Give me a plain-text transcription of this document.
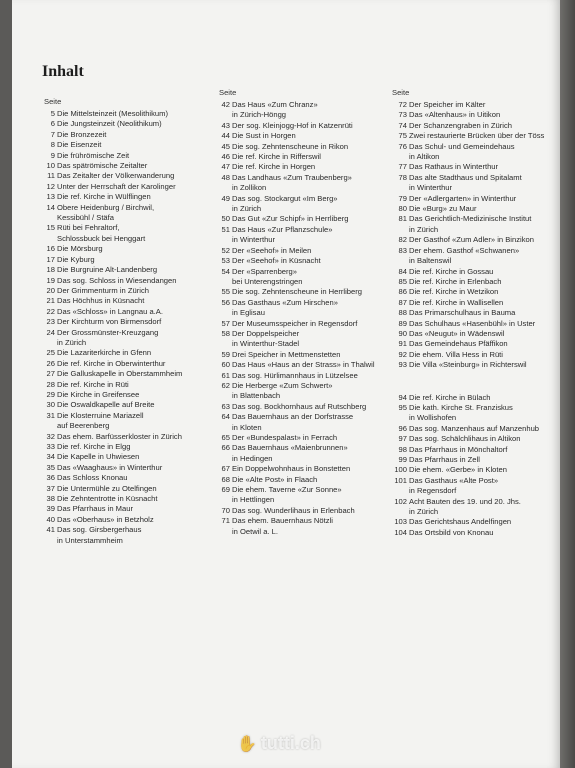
Inhalt
Seite
5 Die Mittelsteinzeit (Mesolithikum)
6 Die Jungsteinzeit (Neolithikum)
7 Die Bronzezeit
8 Die Eisenzeit
9 Die frührömische Zeit
10 Das spätrömische Zeitalter
11 Das Zeitalter der Völkerwanderung
12 Unter der Herrschaft der Karolinger
13 Die ref. Kirche in Wülflingen
14 Obere Heidenburg / Birchwil,
Kessibühl / Stäfa
15 Rüti bei Fehraltorf,
Schlossbuck bei Henggart
16 Die Mörsburg
17 Die Kyburg
18 Die Burgruine Alt-Landenberg
19 Das sog. Schloss in Wiesendangen
20 Der Grimmenturm in Zürich
21 Das Höchhus in Küsnacht
22 Das «Schloss» in Langnau a.A.
23 Der Kirchturm von Birmensdorf
24 Der Grossmünster-Kreuzgang
in Zürich
25 Die Lazariterkirche in Gfenn
26 Die ref. Kirche in Oberwinterthur
27 Die Galluskapelle in Oberstammheim
28 Die ref. Kirche in Rüti
29 Die Kirche in Greifensee
30 Die Oswaldkapelle auf Breite
31 Die Klosterruine Mariazell
auf Beerenberg
32 Das ehem. Barfüsserkloster in Zürich
33 Die ref. Kirche in Elgg
34 Die Kapelle in Uhwiesen
35 Das «Waaghaus» in Winterthur
36 Das Schloss Knonau
37 Die Untermühle zu Otelfingen
38 Die Zehntentrotte in Küsnacht
39 Das Pfarrhaus in Maur
40 Das «Oberhaus» in Betzholz
41 Das sog. Girsbergerhaus
in Unterstammheim
Seite
42 Das Haus «Zum Chranz»
in Zürich-Höngg
43 Der sog. Kleinjogg-Hof in Katzenrüti
44 Die Sust in Horgen
45 Die sog. Zehntenscheune in Rikon
46 Die ref. Kirche in Rifferswil
47 Die ref. Kirche in Horgen
48 Das Landhaus «Zum Traubenberg»
in Zollikon
49 Das sog. Stockargut «Im Berg»
in Zürich
50 Das Gut «Zur Schipf» in Herrliberg
51 Das Haus «Zur Pflanzschule»
in Winterthur
52 Der «Seehof» in Meilen
53 Der «Seehof» in Küsnacht
54 Der «Sparrenberg»
bei Unterengstringen
55 Die sog. Zehntenscheune in Herrliberg
56 Das Gasthaus «Zum Hirschen»
in Eglisau
57 Der Museumsspeicher in Regensdorf
58 Der Doppelspeicher
in Winterthur-Stadel
59 Drei Speicher in Mettmenstetten
60 Das Haus «Haus an der Strass» in Thalwil
61 Das sog. Hürlimannhaus in Lützelsee
62 Die Herberge «Zum Schwert»
in Blattenbach
63 Das sog. Bockhornhaus auf Rutschberg
64 Das Bauernhaus an der Dorfstrasse
in Kloten
65 Der «Bundespalast» in Ferrach
66 Das Bauernhaus «Maienbrunnen»
in Hedingen
67 Ein Doppelwohnhaus in Bonstetten
68 Die «Alte Post» in Flaach
69 Die ehem. Taverne «Zur Sonne»
in Hettlingen
70 Das sog. Wunderlihaus in Erlenbach
71 Das ehem. Bauernhaus Nötzli
in Oetwil a. L.
Seite
72 Der Speicher im Kälter
73 Das «Altenhaus» in Uitikon
74 Der Schanzengraben in Zürich
75 Zwei restaurierte Brücken über der Töss
76 Das Schul- und Gemeindehaus
in Altikon
77 Das Rathaus in Winterthur
78 Das alte Stadthaus und Spitalamt
in Winterthur
79 Der «Adlergarten» in Winterthur
80 Die «Burg» zu Maur
81 Das Gerichtlich-Medizinische Institut
in Zürich
82 Der Gasthof «Zum Adler» in Binzikon
83 Der ehem. Gasthof «Schwanen»
in Baltenswil
84 Die ref. Kirche in Gossau
85 Die ref. Kirche in Erlenbach
86 Die ref. Kirche in Wetzikon
87 Die ref. Kirche in Wallisellen
88 Das Primarschulhaus in Bauma
89 Das Schulhaus «Hasenbühl» in Uster
90 Das «Neugut» in Wädenswil
91 Das Gemeindehaus Pfäffikon
92 Die ehem. Villa Hess in Rüti
93 Die Villa «Steinburg» in Richterswil
94 Die ref. Kirche in Bülach
95 Die kath. Kirche St. Franziskus
in Wollishofen
96 Das sog. Manzenhaus auf Manzenhub
97 Das sog. Schälchlihaus in Altikon
98 Das Pfarrhaus in Mönchaltorf
99 Das Pfarrhaus in Zell
100 Die ehem. «Gerbe» in Kloten
101 Das Gasthaus «Alte Post»
in Regensdorf
102 Acht Bauten des 19. und 20. Jhs.
in Zürich
103 Das Gerichtshaus Andelfingen
104 Das Ortsbild von Knonau
✋ tutti.ch
